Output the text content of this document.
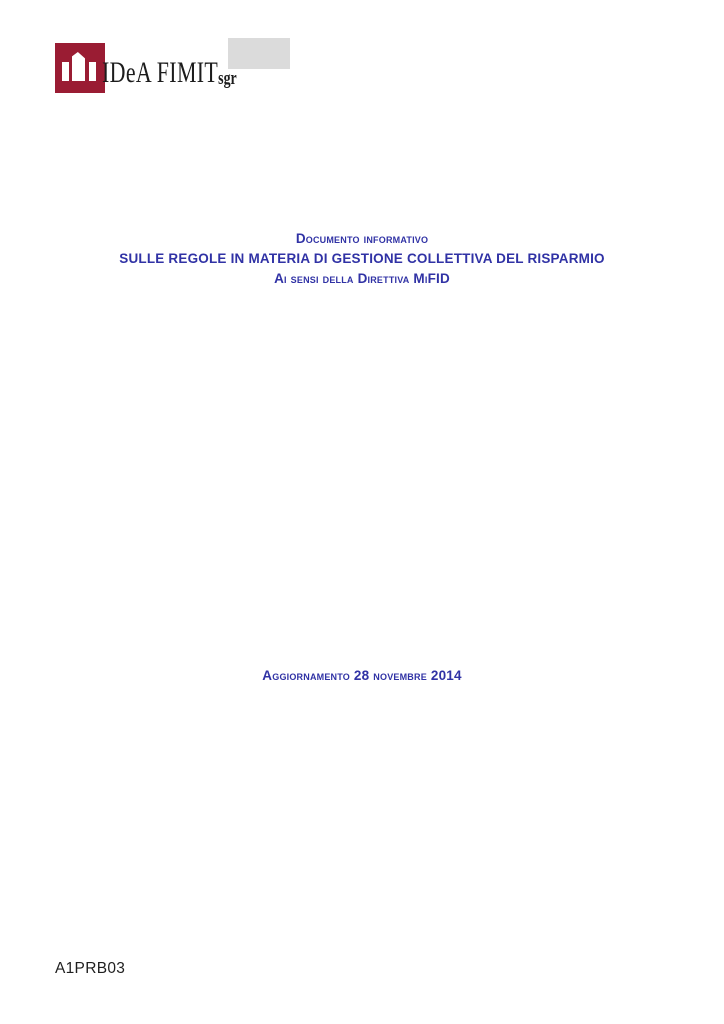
IDeA FIMITsgr
Documento informativo
SULLE REGOLE IN MATERIA DI GESTIONE COLLETTIVA DEL RISPARMIO
Ai sensi della Direttiva MiFID
Aggiornamento 28 novembre 2014
A1PRB03
